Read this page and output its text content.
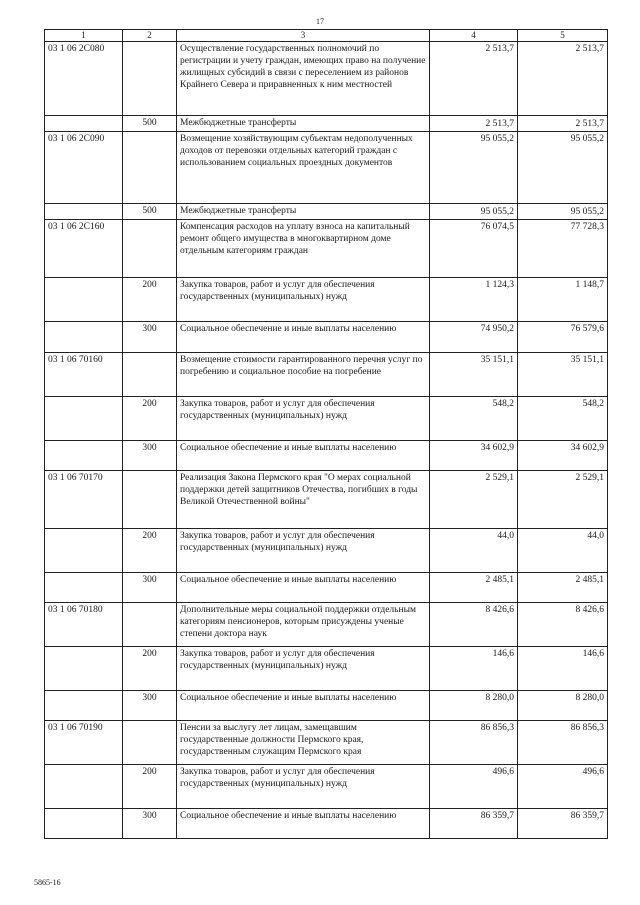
17
1	2	3	4	5
03 1 06 2С080		Осуществление государственных полномочий по регистрации и учету граждан, имеющих право на получение жилищных субсидий в связи с переселением из районов Крайнего Севера и приравненных к ним местностей	2 513,7	2 513,7
	500	Межбюджетные трансферты	2 513,7	2 513,7
03 1 06 2С090		Возмещение хозяйствующим субъектам недополученных доходов от перевозки отдельных категорий граждан с использованием социальных проездных документов	95 055,2	95 055,2
	500	Межбюджетные трансферты	95 055,2	95 055,2
03 1 06 2С160		Компенсация расходов на уплату взноса на капитальный ремонт общего имущества в многоквартирном доме отдельным категориям граждан	76 074,5	77 728,3
	200	Закупка товаров, работ и услуг для обеспечения государственных (муниципальных) нужд	1 124,3	1 148,7
	300	Социальное обеспечение и иные выплаты населению	74 950,2	76 579,6
03 1 06 70160		Возмещение стоимости гарантированного перечня услуг по погребению и социальное пособие на погребение	35 151,1	35 151,1
	200	Закупка товаров, работ и услуг для обеспечения государственных (муниципальных) нужд	548,2	548,2
	300	Социальное обеспечение и иные выплаты населению	34 602,9	34 602,9
03 1 06 70170		Реализация Закона Пермского края "О мерах социальной поддержки детей защитников Отечества, погибших в годы Великой Отечественной войны"	2 529,1	2 529,1
	200	Закупка товаров, работ и услуг для обеспечения государственных (муниципальных) нужд	44,0	44,0
	300	Социальное обеспечение и иные выплаты населению	2 485,1	2 485,1
03 1 06 70180		Дополнительные меры социальной поддержки отдельным категориям пенсионеров, которым присуждены ученые степени доктора наук	8 426,6	8 426,6
	200	Закупка товаров, работ и услуг для обеспечения государственных (муниципальных) нужд	146,6	146,6
	300	Социальное обеспечение и иные выплаты населению	8 280,0	8 280,0
03 1 06 70190		Пенсии за выслугу лет лицам, замещавшим государственные должности Пермского края, государственным служащим Пермского края	86 856,3	86 856,3
	200	Закупка товаров, работ и услуг для обеспечения государственных (муниципальных) нужд	496,6	496,6
	300	Социальное обеспечение и иные выплаты населению	86 359,7	86 359,7
5865-16
